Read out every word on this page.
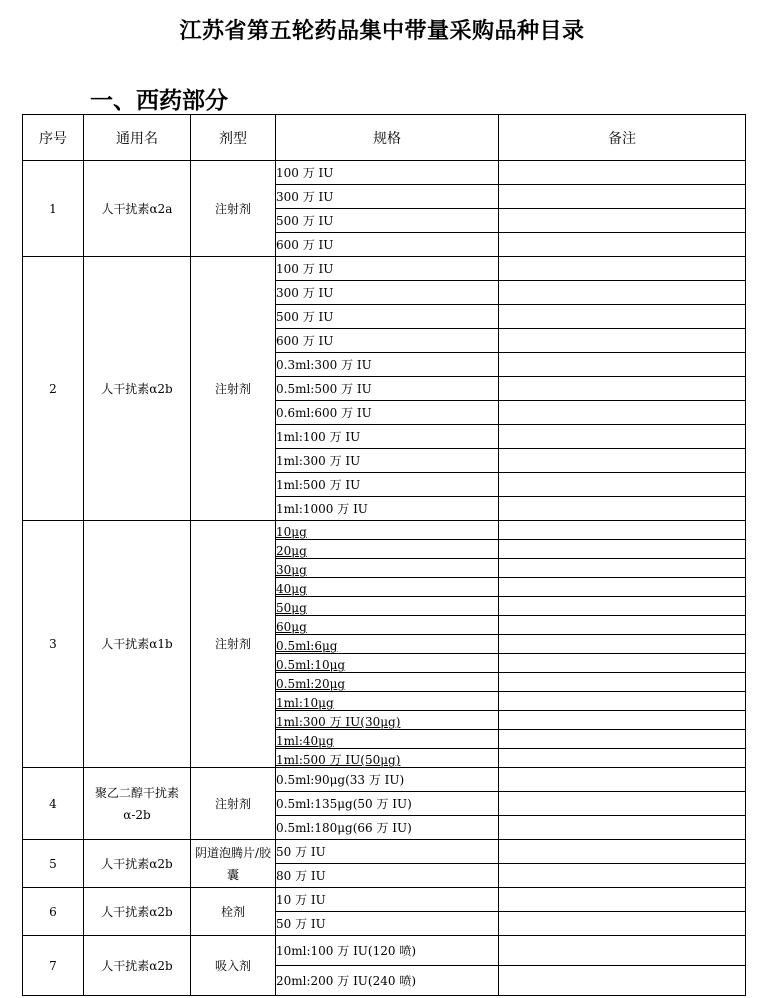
江苏省第五轮药品集中带量采购品种目录
一、西药部分
序号	通用名	剂型	规格	备注
1	人干扰素α2a	注射剂	100 万 IU	
			300 万 IU	
			500 万 IU	
			600 万 IU	
2	人干扰素α2b	注射剂	100 万 IU	
			300 万 IU	
			500 万 IU	
			600 万 IU	
			0.3ml:300 万 IU	
			0.5ml:500 万 IU	
			0.6ml:600 万 IU	
			1ml:100 万 IU	
			1ml:300 万 IU	
			1ml:500 万 IU	
			1ml:1000 万 IU	
3	人干扰素α1b	注射剂	10μg	
			20μg	
			30μg	
			40μg	
			50μg	
			60μg	
			0.5ml:6μg	
			0.5ml:10μg	
			0.5ml:20μg	
			1ml:10μg	
			1ml:300 万 IU(30μg)	
			1ml:40μg	
			1ml:500 万 IU(50μg)	
4	聚乙二醇干扰素α-2b	注射剂	0.5ml:90μg(33 万 IU)	
			0.5ml:135μg(50 万 IU)	
			0.5ml:180μg(66 万 IU)	
5	人干扰素α2b	阴道泡腾片/胶囊	50 万 IU	
			80 万 IU	
6	人干扰素α2b	栓剂	10 万 IU	
			50 万 IU	
7	人干扰素α2b	吸入剂	10ml:100 万 IU(120 喷)	
			20ml:200 万 IU(240 喷)	
